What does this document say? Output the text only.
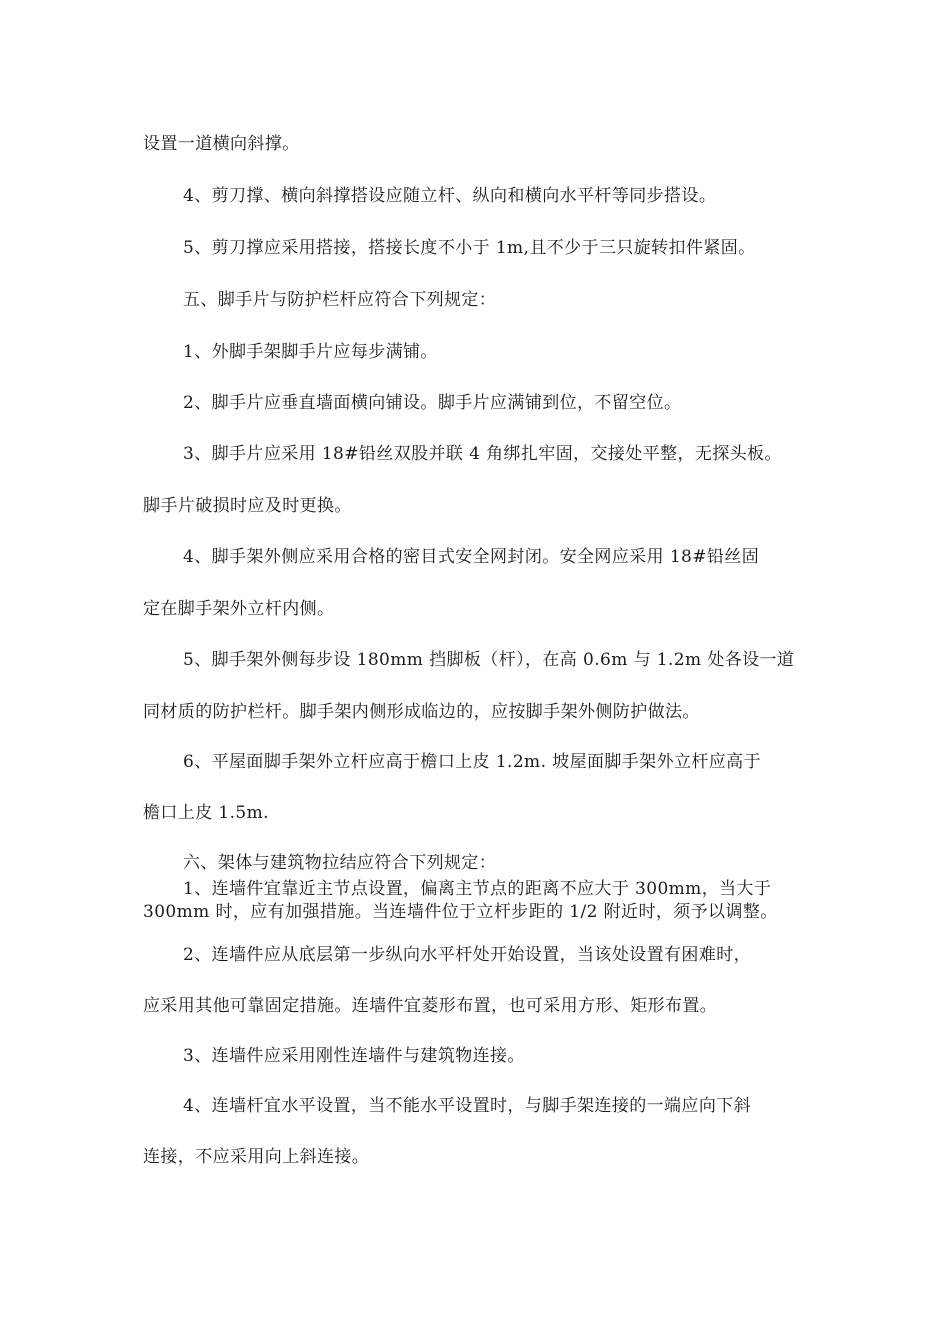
设置一道横向斜撑。
4、剪刀撑、横向斜撑搭设应随立杆、纵向和横向水平杆等同步搭设。
5、剪刀撑应采用搭接，搭接长度不小于 1m,且不少于三只旋转扣件紧固。
五、脚手片与防护栏杆应符合下列规定：
1、外脚手架脚手片应每步满铺。
2、脚手片应垂直墙面横向铺设。脚手片应满铺到位，不留空位。
3、脚手片应采用 18#铅丝双股并联 4 角绑扎牢固，交接处平整，无探头板。
脚手片破损时应及时更换。
4、脚手架外侧应采用合格的密目式安全网封闭。安全网应采用 18#铅丝固
定在脚手架外立杆内侧。
5、脚手架外侧每步设 180mm 挡脚板（杆），在高 0.6m 与 1.2m 处各设一道
同材质的防护栏杆。脚手架内侧形成临边的，应按脚手架外侧防护做法。
6、平屋面脚手架外立杆应高于檐口上皮 1.2m. 坡屋面脚手架外立杆应高于
檐口上皮 1.5m.
六、架体与建筑物拉结应符合下列规定：
1、连墙件宜靠近主节点设置，偏离主节点的距离不应大于 300mm，当大于
300mm 时，应有加强措施。当连墙件位于立杆步距的 1/2 附近时，须予以调整。
2、连墙件应从底层第一步纵向水平杆处开始设置，当该处设置有困难时，
应采用其他可靠固定措施。连墙件宜菱形布置，也可采用方形、矩形布置。
3、连墙件应采用刚性连墙件与建筑物连接。
4、连墙杆宜水平设置，当不能水平设置时，与脚手架连接的一端应向下斜
连接，不应采用向上斜连接。
